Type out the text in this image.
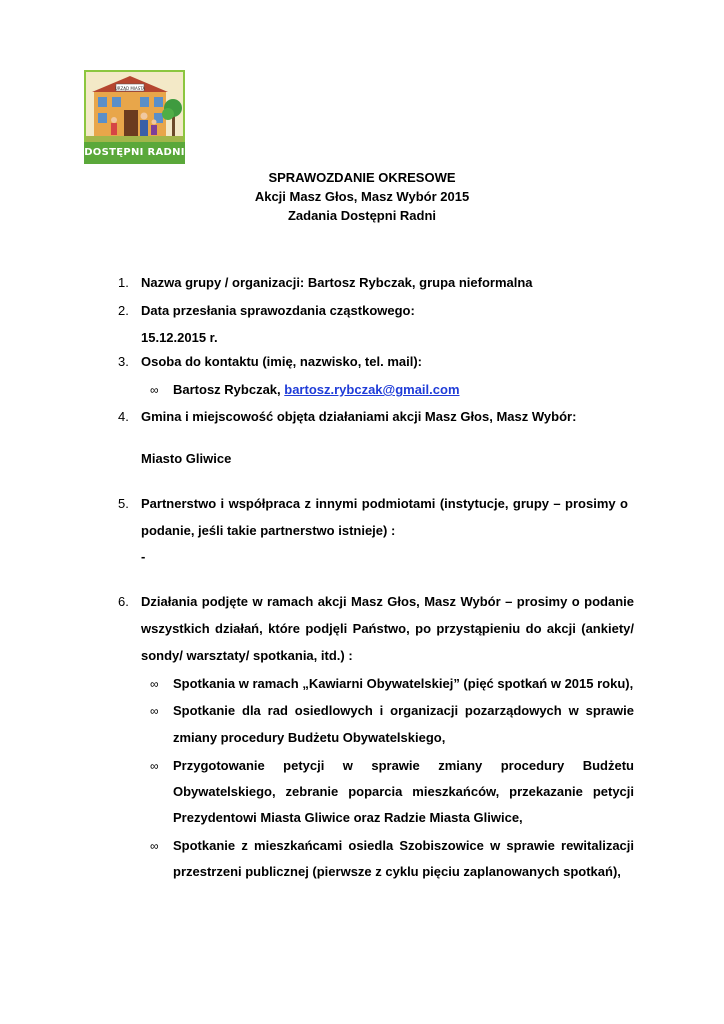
URZĄD MIASTA
DOSTĘPNI RADNI
SPRAWOZDANIE OKRESOWE
Akcji Masz Głos, Masz Wybór 2015
Zadania Dostępni Radni
1. Nazwa grupy / organizacji: Bartosz Rybczak, grupa nieformalna
2. Data przesłania sprawozdania cząstkowego:
15.12.2015 r.
3. Osoba do kontaktu (imię, nazwisko, tel. mail):
∞ Bartosz Rybczak, bartosz.rybczak@gmail.com
4. Gmina i miejscowość objęta działaniami akcji Masz Głos, Masz Wybór:
Miasto Gliwice
5. Partnerstwo i współpraca z innymi podmiotami (instytucje, grupy – prosimy o
podanie, jeśli takie partnerstwo istnieje) :
-
6. Działania podjęte w ramach akcji Masz Głos, Masz Wybór – prosimy o podanie
wszystkich działań, które podjęli Państwo, po przystąpieniu do akcji (ankiety/
sondy/ warsztaty/ spotkania, itd.) :
∞ Spotkania w ramach „Kawiarni Obywatelskiej” (pięć spotkań w 2015 roku),
∞ Spotkanie dla rad osiedlowych i organizacji pozarządowych w sprawie
zmiany procedury Budżetu Obywatelskiego,
∞ Przygotowanie petycji w sprawie zmiany procedury Budżetu
Obywatelskiego, zebranie poparcia mieszkańców, przekazanie petycji
Prezydentowi Miasta Gliwice oraz Radzie Miasta Gliwice,
∞ Spotkanie z mieszkańcami osiedla Szobiszowice w sprawie rewitalizacji
przestrzeni publicznej (pierwsze z cyklu pięciu zaplanowanych spotkań),
